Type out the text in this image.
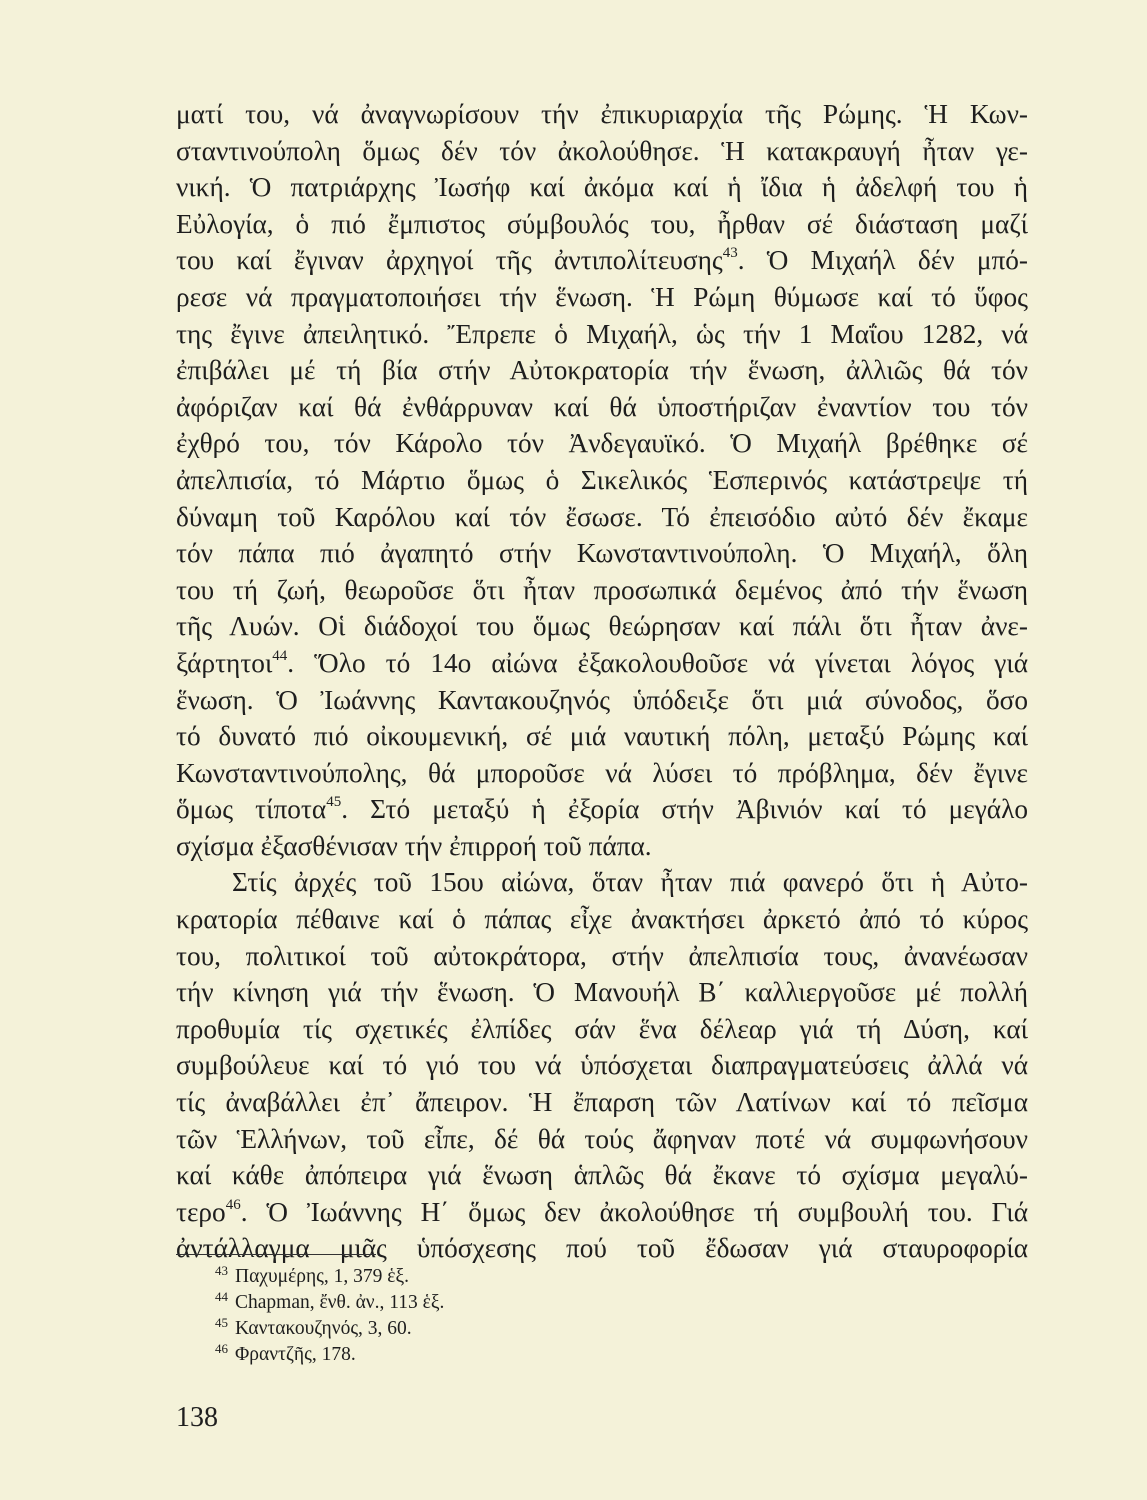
ματί του, νά ἀναγνωρίσουν τήν ἐπικυριαρχία τῆς Ρώμης. Ἡ Κων-
σταντινούπολη ὅμως δέν τόν ἀκολούθησε. Ἡ κατακραυγή ἦταν γε-
νική. Ὁ πατριάρχης Ἰωσήφ καί ἀκόμα καί ἡ ἴδια ἡ ἀδελφή του ἡ
Εὐλογία, ὁ πιό ἔμπιστος σύμβουλός του, ἦρθαν σέ διάσταση μαζί
του καί ἔγιναν ἀρχηγοί τῆς ἀντιπολίτευσης$^{43}$. Ὁ Μιχαήλ δέν μπό-
ρεσε νά πραγματοποιήσει τήν ἕνωση. Ἡ Ρώμη θύμωσε καί τό ὕφος
της ἔγινε ἀπειλητικό. Ἔπρεπε ὁ Μιχαήλ, ὡς τήν 1 Μαΐου 1282, νά
ἐπιβάλει μέ τή βία στήν Αὐτοκρατορία τήν ἕνωση, ἀλλιῶς θά τόν
ἀφόριζαν καί θά ἐνθάρρυναν καί θά ὑποστήριζαν ἐναντίον του τόν
ἐχθρό του, τόν Κάρολο τόν Ἀνδεγαυϊκό. Ὁ Μιχαήλ βρέθηκε σέ
ἀπελπισία, τό Μάρτιο ὅμως ὁ Σικελικός Ἑσπερινός κατάστρεψε τή
δύναμη τοῦ Καρόλου καί τόν ἔσωσε. Τό ἐπεισόδιο αὐτό δέν ἔκαμε
τόν πάπα πιό ἀγαπητό στήν Κωνσταντινούπολη. Ὁ Μιχαήλ, ὅλη
του τή ζωή, θεωροῦσε ὅτι ἦταν προσωπικά δεμένος ἀπό τήν ἕνωση
τῆς Λυών. Οἱ διάδοχοί του ὅμως θεώρησαν καί πάλι ὅτι ἦταν ἀνε-
ξάρτητοι$^{44}$. Ὅλο τό 14ο αἰώνα ἐξακολουθοῦσε νά γίνεται λόγος γιά
ἕνωση. Ὁ Ἰωάννης Καντακουζηνός ὑπόδειξε ὅτι μιά σύνοδος, ὅσο
τό δυνατό πιό οἰκουμενική, σέ μιά ναυτική πόλη, μεταξύ Ρώμης καί
Κωνσταντινούπολης, θά μποροῦσε νά λύσει τό πρόβλημα, δέν ἔγινε
ὅμως τίποτα$^{45}$. Στό μεταξύ ἡ ἐξορία στήν Ἀβινιόν καί τό μεγάλο
σχίσμα ἐξασθένισαν τήν ἐπιρροή τοῦ πάπα.
Στίς ἀρχές τοῦ 15ου αἰώνα, ὅταν ἦταν πιά φανερό ὅτι ἡ Αὐτο-
κρατορία πέθαινε καί ὁ πάπας εἶχε ἀνακτήσει ἀρκετό ἀπό τό κύρος
του, πολιτικοί τοῦ αὐτοκράτορα, στήν ἀπελπισία τους, ἀνανέωσαν
τήν κίνηση γιά τήν ἕνωση. Ὁ Μανουήλ Β΄ καλλιεργοῦσε μέ πολλή
προθυμία τίς σχετικές ἐλπίδες σάν ἕνα δέλεαρ γιά τή Δύση, καί
συμβούλευε καί τό γιό του νά ὑπόσχεται διαπραγματεύσεις ἀλλά νά
τίς ἀναβάλλει ἐπ᾽ ἄπειρον. Ἡ ἔπαρση τῶν Λατίνων καί τό πεῖσμα
τῶν Ἑλλήνων, τοῦ εἶπε, δέ θά τούς ἄφηναν ποτέ νά συμφωνήσουν
καί κάθε ἀπόπειρα γιά ἕνωση ἁπλῶς θά ἔκανε τό σχίσμα μεγαλύ-
τερο$^{46}$. Ὁ Ἰωάννης Η΄ ὅμως δεν ἀκολούθησε τή συμβουλή του. Γιά
ἀντάλλαγμα μιᾶς ὑπόσχεσης πού τοῦ ἔδωσαν γιά σταυροφορία
$^{43}$ Παχυμέρης, 1, 379 ἑξ.
$^{44}$ Chapman, ἔνθ. ἀν., 113 ἑξ.
$^{45}$ Καντακουζηνός, 3, 60.
$^{46}$ Φραντζῆς, 178.
138
